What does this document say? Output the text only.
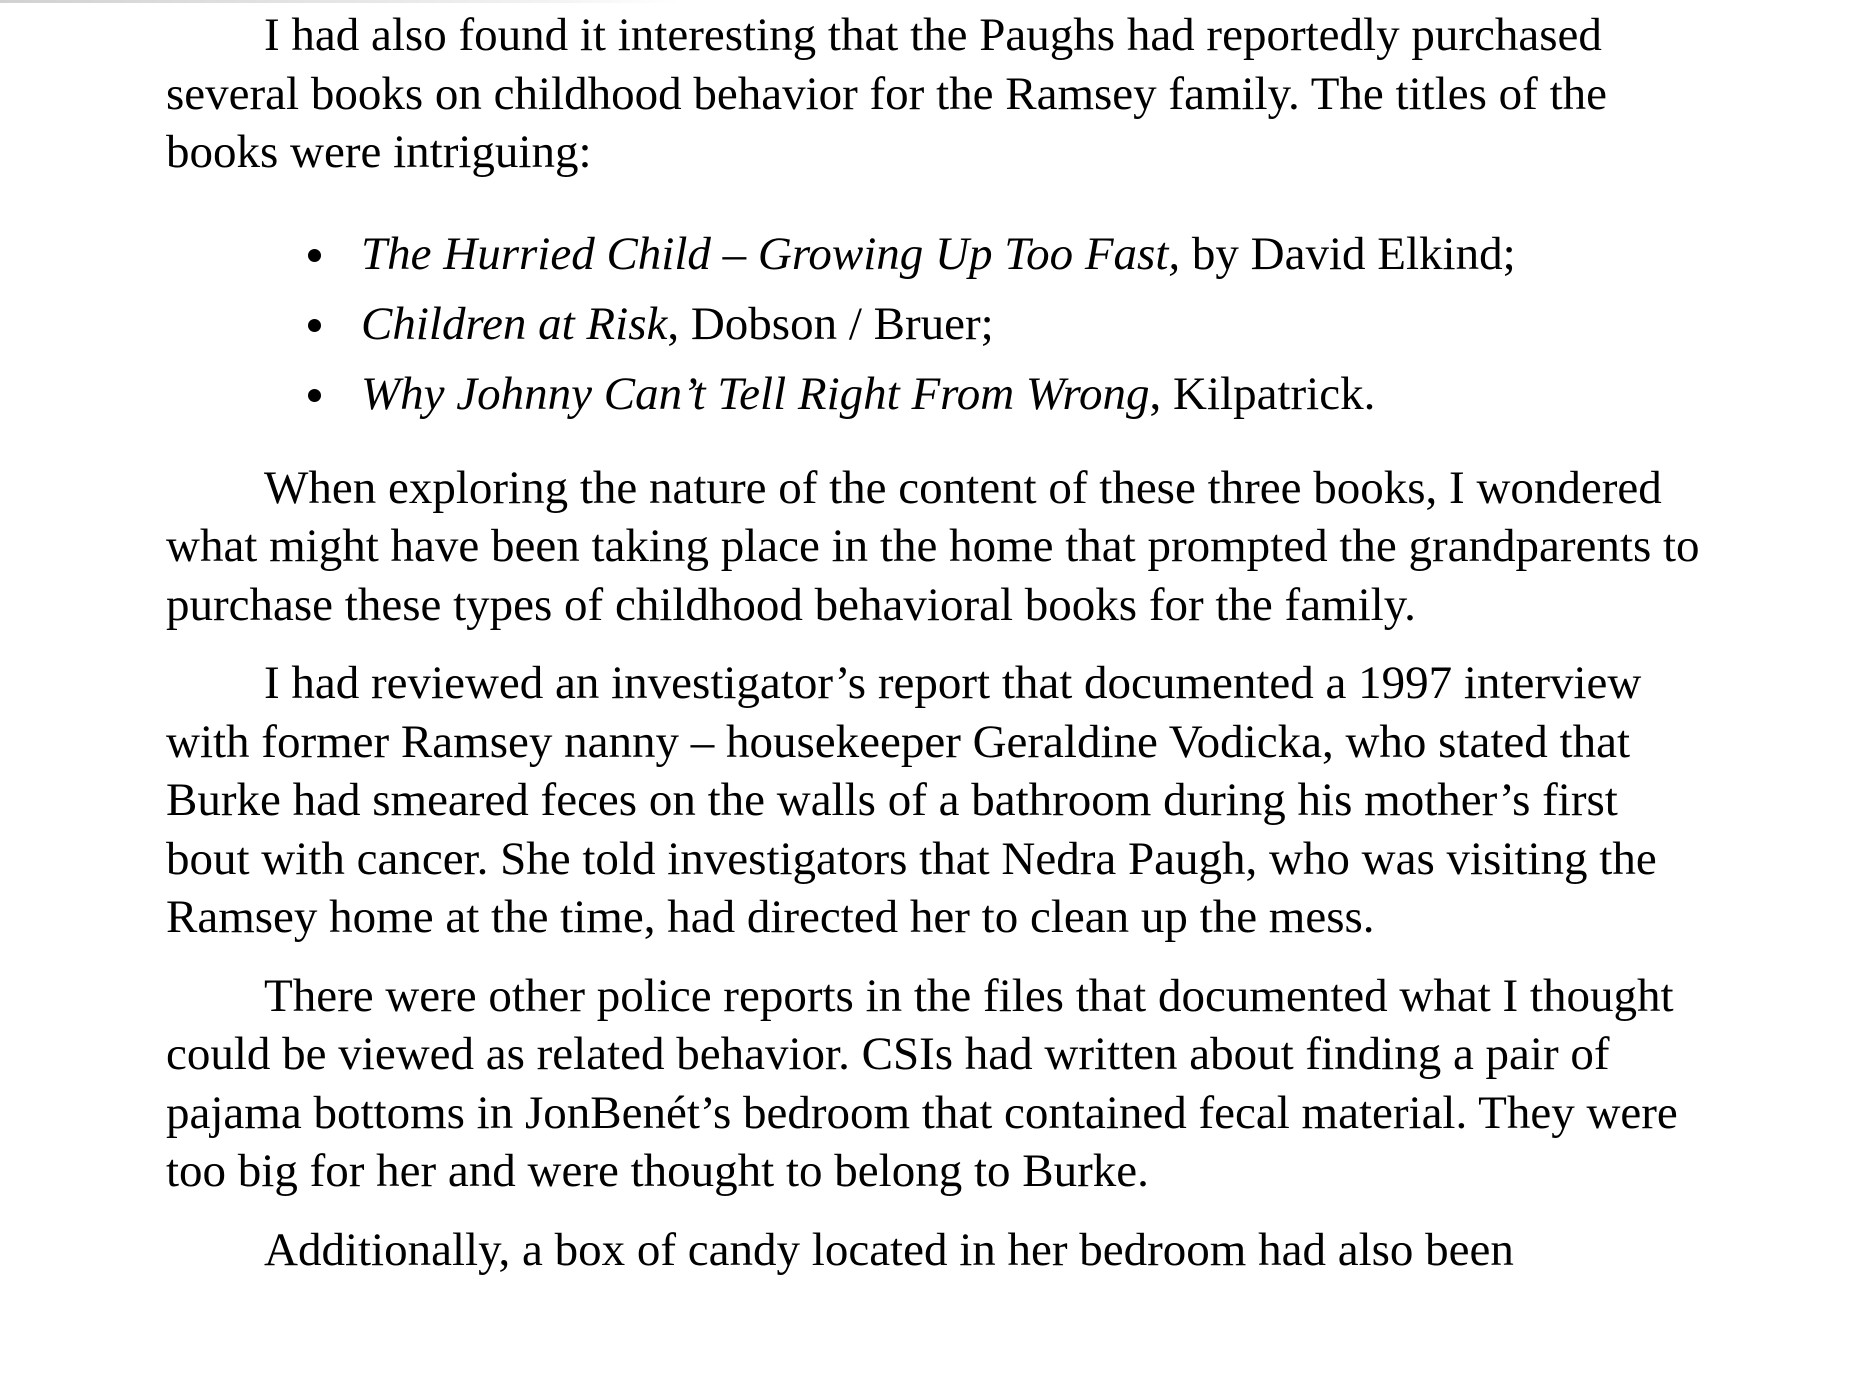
I had also found it interesting that the Paughs had reportedly purchased several books on childhood behavior for the Ramsey family. The titles of the books were intriguing:

The Hurried Child – Growing Up Too Fast, by David Elkind;
Children at Risk, Dobson / Bruer;
Why Johnny Can’t Tell Right From Wrong, Kilpatrick.

When exploring the nature of the content of these three books, I wondered what might have been taking place in the home that prompted the grandparents to purchase these types of childhood behavioral books for the family.

I had reviewed an investigator’s report that documented a 1997 interview with former Ramsey nanny – housekeeper Geraldine Vodicka, who stated that Burke had smeared feces on the walls of a bathroom during his mother’s first bout with cancer. She told investigators that Nedra Paugh, who was visiting the Ramsey home at the time, had directed her to clean up the mess.

There were other police reports in the files that documented what I thought could be viewed as related behavior. CSIs had written about finding a pair of pajama bottoms in JonBenét’s bedroom that contained fecal material. They were too big for her and were thought to belong to Burke.

Additionally, a box of candy located in her bedroom had also been
